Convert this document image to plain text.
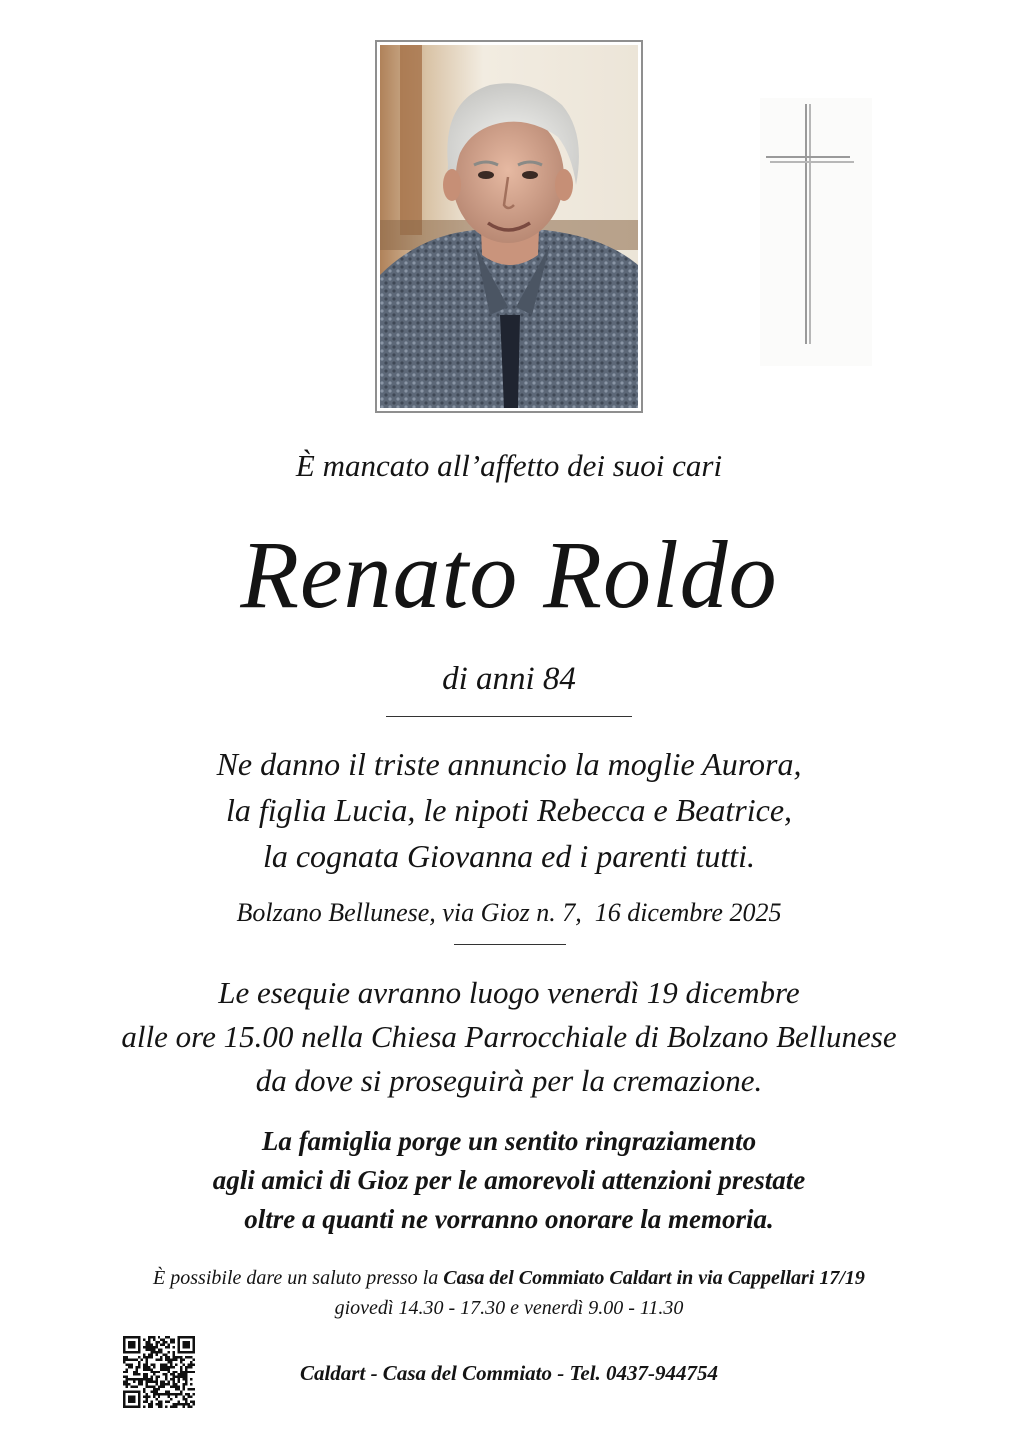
È mancato all’affetto dei suoi cari
Renato Roldo
di anni 84
Ne danno il triste annuncio la moglie Aurora,
la figlia Lucia, le nipoti Rebecca e Beatrice,
la cognata Giovanna ed i parenti tutti.
Bolzano Bellunese, via Gioz n. 7,  16 dicembre 2025
Le esequie avranno luogo venerdì 19 dicembre
alle ore 15.00 nella Chiesa Parrocchiale di Bolzano Bellunese
da dove si proseguirà per la cremazione.
La famiglia porge un sentito ringraziamento
agli amici di Gioz per le amorevoli attenzioni prestate
oltre a quanti ne vorranno onorare la memoria.
È possibile dare un saluto presso la Casa del Commiato Caldart in via Cappellari 17/19
giovedì 14.30 - 17.30 e venerdì 9.00 - 11.30
Caldart - Casa del Commiato - Tel. 0437-944754
